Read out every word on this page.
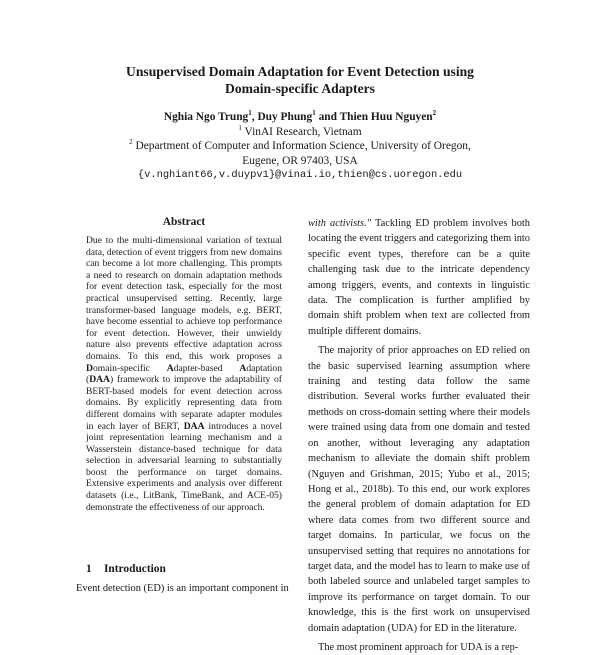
Unsupervised Domain Adaptation for Event Detection using
Domain-specific Adapters
Nghia Ngo Trung$^1$, Duy Phung$^1$ and Thien Huu Nguyen$^2$
$^1$ VinAI Research, Vietnam
$^2$ Department of Computer and Information Science, University of Oregon,
Eugene, OR 97403, USA
{v.nghiant66,v.duypv1}@vinai.io,thien@cs.uoregon.edu
Abstract

Due to the multi-dimensional variation of textual data, detection of event triggers from new domains can become a lot more challenging. This prompts a need to research on domain adaptation methods for event detection task, especially for the most practical unsupervised setting. Recently, large transformer-based language models, e.g. BERT, have become essential to achieve top performance for event detection. However, their unwieldy nature also prevents effective adaptation across domains. To this end, this work proposes a Domain-specific Adapter-based Adaptation (DAA) framework to improve the adaptability of BERT-based models for event detection across domains. By explicitly representing data from different domains with separate adapter modules in each layer of BERT, DAA introduces a novel joint representation learning mechanism and a Wasserstein distance-based technique for data selection in adversarial learning to substantially boost the performance on target domains. Extensive experiments and analysis over different datasets (i.e., LitBank, TimeBank, and ACE-05) demonstrate the effectiveness of our approach.

1 Introduction

Event detection (ED) is an important component in

with activists." Tackling ED problem involves both locating the event triggers and categorizing them into specific event types, therefore can be a quite challenging task due to the intricate dependency among triggers, events, and contexts in linguistic data. The complication is further amplified by domain shift problem when text are collected from multiple different domains.

The majority of prior approaches on ED relied on the basic supervised learning assumption where training and testing data follow the same distribution. Several works further evaluated their methods on cross-domain setting where their models were trained using data from one domain and tested on another, without leveraging any adaptation mechanism to alleviate the domain shift problem (Nguyen and Grishman, 2015; Yubo et al., 2015; Hong et al., 2018b). To this end, our work explores the general problem of domain adaptation for ED where data comes from two different source and target domains. In particular, we focus on the unsupervised setting that requires no annotations for target data, and the model has to learn to make use of both labeled source and unlabeled target samples to improve its performance on target domain. To our knowledge, this is the first work on unsupervised domain adaptation (UDA) for ED in the literature.

The most prominent approach for UDA is a rep-
